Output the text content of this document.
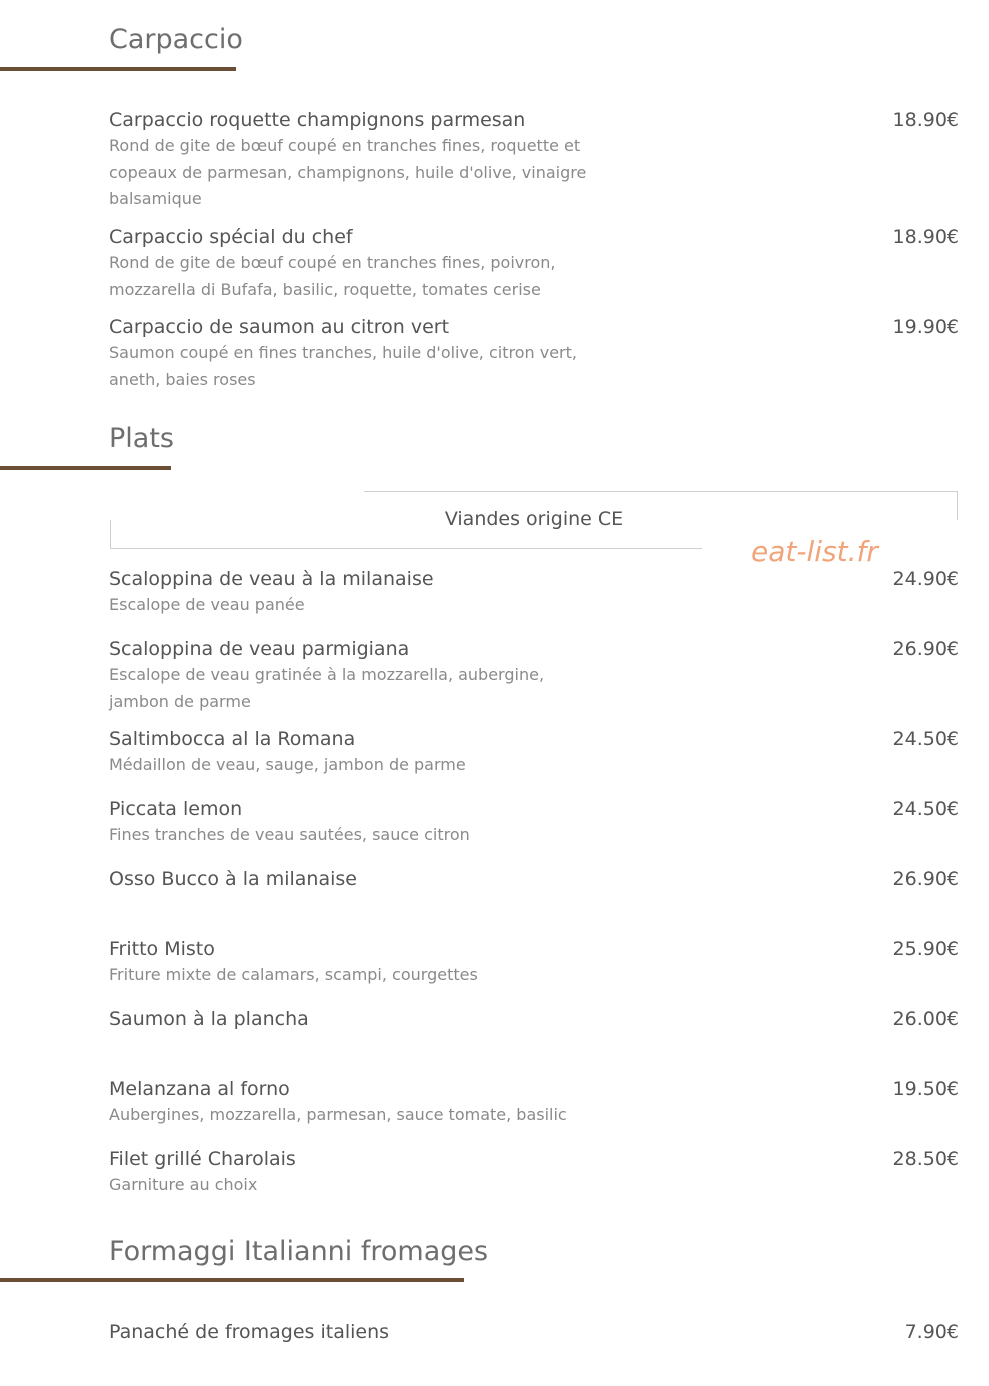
Carpaccio
Carpaccio roquette champignons parmesan	18.90€
Rond de gite de bœuf coupé en tranches fines, roquette et copeaux de parmesan, champignons, huile d'olive, vinaigre balsamique
Carpaccio spécial du chef	18.90€
Rond de gite de bœuf coupé en tranches fines, poivron, mozzarella di Bufafa, basilic, roquette, tomates cerise
Carpaccio de saumon au citron vert	19.90€
Saumon coupé en fines tranches, huile d'olive, citron vert, aneth, baies roses
Plats
Viandes origine CE
eat-list.fr
Scaloppina de veau à la milanaise	24.90€
Escalope de veau panée
Scaloppina de veau parmigiana	26.90€
Escalope de veau gratinée à la mozzarella, aubergine, jambon de parme
Saltimbocca al la Romana	24.50€
Médaillon de veau, sauge, jambon de parme
Piccata lemon	24.50€
Fines tranches de veau sautées, sauce citron
Osso Bucco à la milanaise	26.90€
Fritto Misto	25.90€
Friture mixte de calamars, scampi, courgettes
Saumon à la plancha	26.00€
Melanzana al forno	19.50€
Aubergines, mozzarella, parmesan, sauce tomate, basilic
Filet grillé Charolais	28.50€
Garniture au choix
Formaggi Italianni fromages
Panaché de fromages italiens	7.90€
